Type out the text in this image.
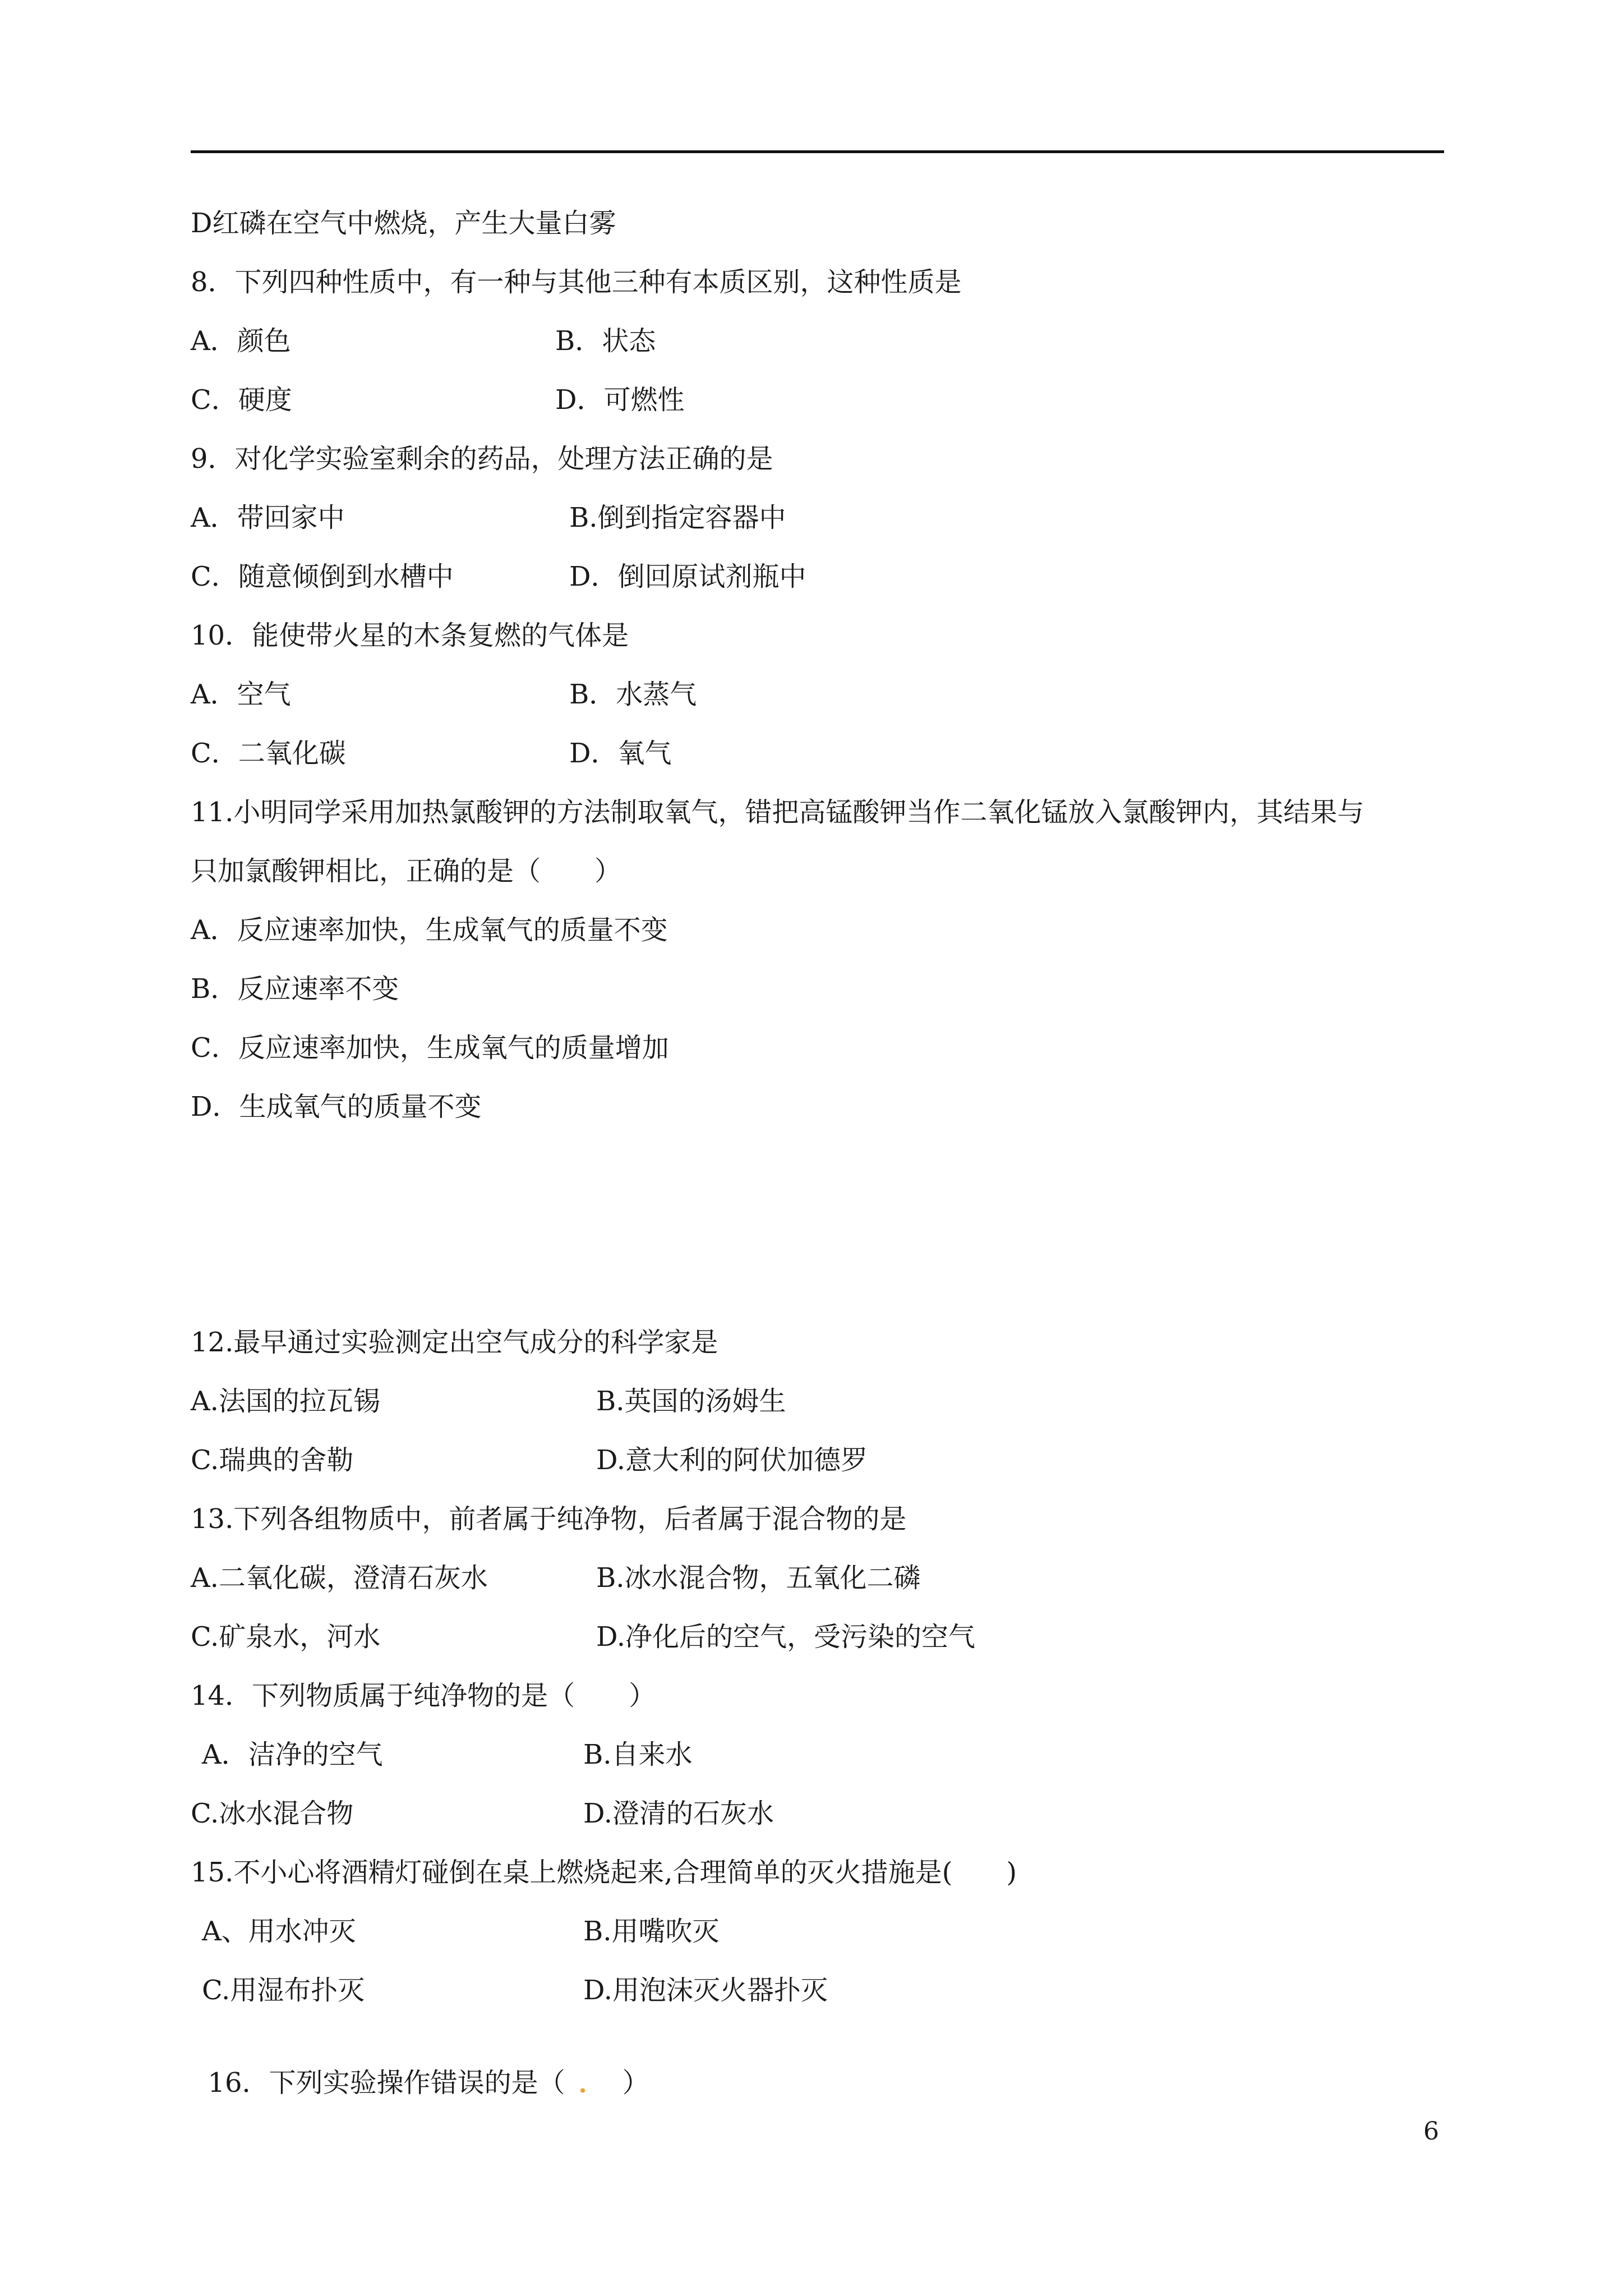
D红磷在空气中燃烧，产生大量白雾
8．下列四种性质中，有一种与其他三种有本质区别，这种性质是
A．颜色	B．状态
C．硬度	D．可燃性
9．对化学实验室剩余的药品，处理方法正确的是
A．带回家中	B.倒到指定容器中
C．随意倾倒到水槽中	D．倒回原试剂瓶中
10．能使带火星的木条复燃的气体是
A．空气	B．水蒸气
C．二氧化碳	D．氧气
11.小明同学采用加热氯酸钾的方法制取氧气，错把高锰酸钾当作二氧化锰放入氯酸钾内，其结果与
只加氯酸钾相比，正确的是（　　）
A．反应速率加快，生成氧气的质量不变
B．反应速率不变
C．反应速率加快，生成氧气的质量增加
D．生成氧气的质量不变
12.最早通过实验测定出空气成分的科学家是
A.法国的拉瓦锡	B.英国的汤姆生
C.瑞典的舍勒	D.意大利的阿伏加德罗
13.下列各组物质中，前者属于纯净物，后者属于混合物的是
A.二氧化碳，澄清石灰水	B.冰水混合物，五氧化二磷
C.矿泉水，河水	D.净化后的空气，受污染的空气
14．下列物质属于纯净物的是（　　）
A．洁净的空气	B.自来水
C.冰水混合物	D.澄清的石灰水
15.不小心将酒精灯碰倒在桌上燃烧起来,合理简单的灭火措施是(　　)
A、用水冲灭	B.用嘴吹灭
C.用湿布扑灭	D.用泡沫灭火器扑灭

16．下列实验操作错误的是（ ． ）

6
